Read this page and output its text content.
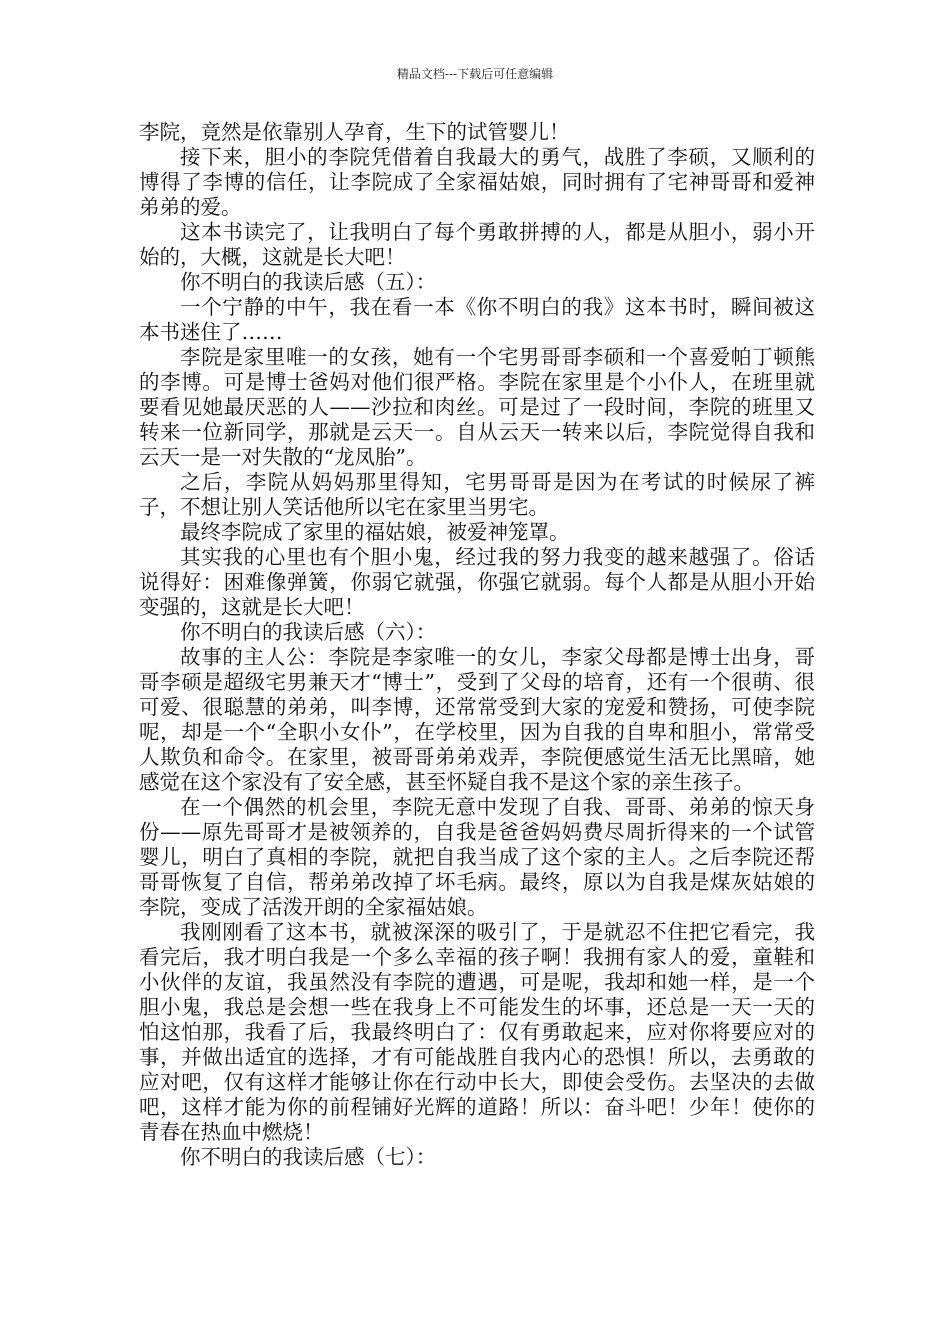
精品文档---下载后可任意编辑

李院，竟然是依靠别人孕育，生下的试管婴儿！

接下来，胆小的李院凭借着自我最大的勇气，战胜了李硕，又顺利的博得了李博的信任，让李院成了全家福姑娘，同时拥有了宅神哥哥和爱神弟弟的爱。

这本书读完了，让我明白了每个勇敢拼搏的人，都是从胆小，弱小开始的，大概，这就是长大吧！

你不明白的我读后感（五）：

一个宁静的中午，我在看一本《你不明白的我》这本书时，瞬间被这本书迷住了……

李院是家里唯一的女孩，她有一个宅男哥哥李硕和一个喜爱帕丁顿熊的李博。可是博士爸妈对他们很严格。李院在家里是个小仆人，在班里就要看见她最厌恶的人——沙拉和肉丝。可是过了一段时间，李院的班里又转来一位新同学，那就是云天一。自从云天一转来以后，李院觉得自我和云天一是一对失散的“龙凤胎”。

之后，李院从妈妈那里得知，宅男哥哥是因为在考试的时候尿了裤子，不想让别人笑话他所以宅在家里当男宅。

最终李院成了家里的福姑娘，被爱神笼罩。

其实我的心里也有个胆小鬼，经过我的努力我变的越来越强了。俗话说得好：困难像弹簧，你弱它就强，你强它就弱。每个人都是从胆小开始变强的，这就是长大吧！

你不明白的我读后感（六）：

故事的主人公：李院是李家唯一的女儿，李家父母都是博士出身，哥哥李硕是超级宅男兼天才“博士”，受到了父母的培育，还有一个很萌、很可爱、很聪慧的弟弟，叫李博，还常常受到大家的宠爱和赞扬，可使李院呢，却是一个“全职小女仆”，在学校里，因为自我的自卑和胆小，常常受人欺负和命令。在家里，被哥哥弟弟戏弄，李院便感觉生活无比黑暗，她感觉在这个家没有了安全感，甚至怀疑自我不是这个家的亲生孩子。

在一个偶然的机会里，李院无意中发现了自我、哥哥、弟弟的惊天身份——原先哥哥才是被领养的，自我是爸爸妈妈费尽周折得来的一个试管婴儿，明白了真相的李院，就把自我当成了这个家的主人。之后李院还帮哥哥恢复了自信，帮弟弟改掉了坏毛病。最终，原以为自我是煤灰姑娘的李院，变成了活泼开朗的全家福姑娘。

我刚刚看了这本书，就被深深的吸引了，于是就忍不住把它看完，我看完后，我才明白我是一个多么幸福的孩子啊！我拥有家人的爱，童鞋和小伙伴的友谊，我虽然没有李院的遭遇，可是呢，我却和她一样，是一个胆小鬼，我总是会想一些在我身上不可能发生的坏事，还总是一天一天的怕这怕那，我看了后，我最终明白了：仅有勇敢起来，应对你将要应对的事，并做出适宜的选择，才有可能战胜自我内心的恐惧！所以，去勇敢的应对吧，仅有这样才能够让你在行动中长大，即使会受伤。去坚决的去做吧，这样才能为你的前程铺好光辉的道路！所以：奋斗吧！少年！使你的青春在热血中燃烧！

你不明白的我读后感（七）：
